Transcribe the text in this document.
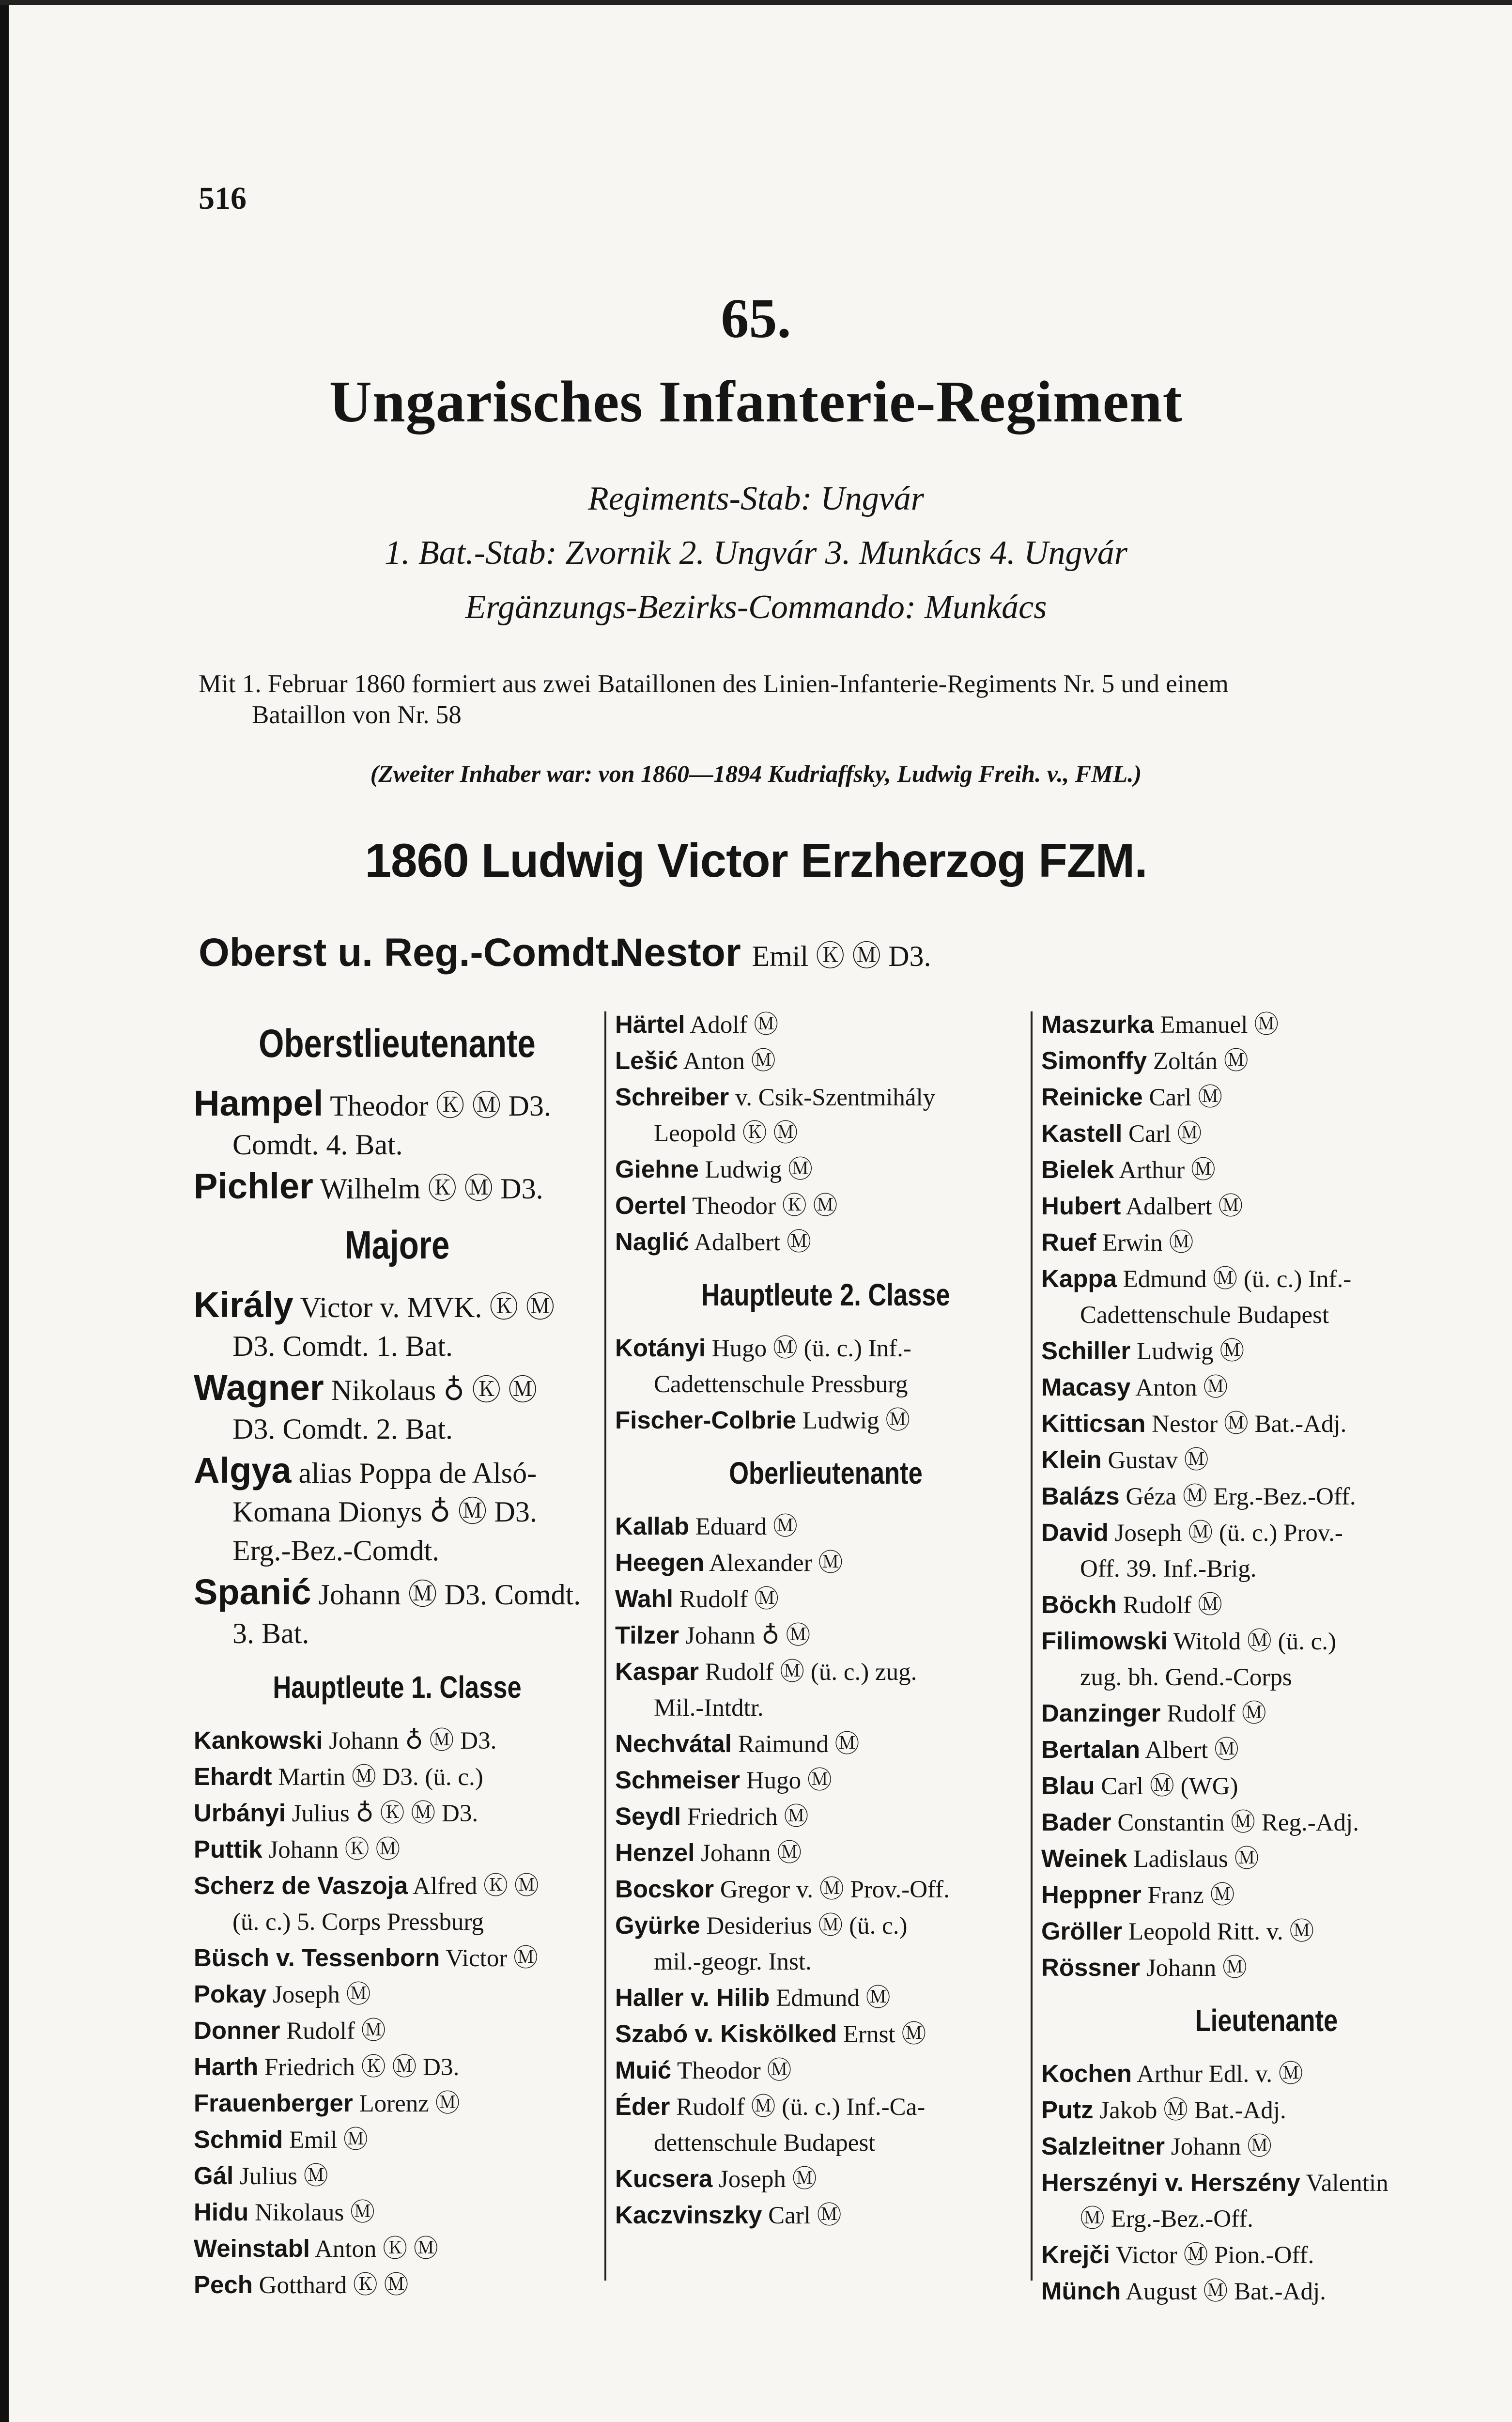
516
65.
Ungarisches Infanterie-Regiment
Regiments-Stab: Ungvár
1. Bat.-Stab: Zvornik 2. Ungvár 3. Munkács 4. Ungvár
Ergänzungs-Bezirks-Commando: Munkács
Mit 1. Februar 1860 formiert aus zwei Bataillonen des Linien-Infanterie-Regiments Nr. 5 und einem
Bataillon von Nr. 58
(Zweiter Inhaber war: von 1860—1894 Kudriaffsky, Ludwig Freih. v., FML.)
1860 Ludwig Victor Erzherzog FZM.
Oberst u. Reg.-Comdt.
Nestor Emil Ⓚ Ⓜ D3.
Oberstlieutenante
Hampel Theodor Ⓚ Ⓜ D3.
Comdt. 4. Bat.
Pichler Wilhelm Ⓚ Ⓜ D3.
Majore
Király Victor v. MVK. Ⓚ Ⓜ
D3. Comdt. 1. Bat.
Wagner Nikolaus ♁ Ⓚ Ⓜ
D3. Comdt. 2. Bat.
Algya alias Poppa de Alsó-
Komana Dionys ♁ Ⓜ D3. Erg.-Bez.-Comdt.
Spanić Johann Ⓜ D3. Comdt.
3. Bat.
Hauptleute 1. Classe
Kankowski Johann ♁ Ⓜ D3.
Ehardt Martin Ⓜ D3. (ü. c.)
Urbányi Julius ♁ Ⓚ Ⓜ D3.
Puttik Johann Ⓚ Ⓜ
Scherz de Vaszoja Alfred Ⓚ Ⓜ
(ü. c.) 5. Corps Pressburg
Büsch v. Tessenborn Victor Ⓜ
Pokay Joseph Ⓜ
Donner Rudolf Ⓜ
Harth Friedrich Ⓚ Ⓜ D3.
Frauenberger Lorenz Ⓜ
Schmid Emil Ⓜ
Gál Julius Ⓜ
Hidu Nikolaus Ⓜ
Weinstabl Anton Ⓚ Ⓜ
Pech Gotthard Ⓚ Ⓜ
Härtel Adolf Ⓜ
Lešić Anton Ⓜ
Schreiber v. Csik-Szentmihály
Leopold Ⓚ Ⓜ
Giehne Ludwig Ⓜ
Oertel Theodor Ⓚ Ⓜ
Naglić Adalbert Ⓜ
Hauptleute 2. Classe
Kotányi Hugo Ⓜ (ü. c.) Inf.-
Cadettenschule Pressburg
Fischer-Colbrie Ludwig Ⓜ
Oberlieutenante
Kallab Eduard Ⓜ
Heegen Alexander Ⓜ
Wahl Rudolf Ⓜ
Tilzer Johann ♁ Ⓜ
Kaspar Rudolf Ⓜ (ü. c.) zug.
Mil.-Intdtr.
Nechvátal Raimund Ⓜ
Schmeiser Hugo Ⓜ
Seydl Friedrich Ⓜ
Henzel Johann Ⓜ
Bocskor Gregor v. Ⓜ Prov.-Off.
Gyürke Desiderius Ⓜ (ü. c.)
mil.-geogr. Inst.
Haller v. Hilib Edmund Ⓜ
Szabó v. Kiskölked Ernst Ⓜ
Muić Theodor Ⓜ
Éder Rudolf Ⓜ (ü. c.) Inf.-Ca-
dettenschule Budapest
Kucsera Joseph Ⓜ
Kaczvinszky Carl Ⓜ
Maszurka Emanuel Ⓜ
Simonffy Zoltán Ⓜ
Reinicke Carl Ⓜ
Kastell Carl Ⓜ
Bielek Arthur Ⓜ
Hubert Adalbert Ⓜ
Ruef Erwin Ⓜ
Kappa Edmund Ⓜ (ü. c.) Inf.-
Cadettenschule Budapest
Schiller Ludwig Ⓜ
Macasy Anton Ⓜ
Kitticsan Nestor Ⓜ Bat.-Adj.
Klein Gustav Ⓜ
Balázs Géza Ⓜ Erg.-Bez.-Off.
David Joseph Ⓜ (ü. c.) Prov.-
Off. 39. Inf.-Brig.
Böckh Rudolf Ⓜ
Filimowski Witold Ⓜ (ü. c.)
zug. bh. Gend.-Corps
Danzinger Rudolf Ⓜ
Bertalan Albert Ⓜ
Blau Carl Ⓜ (WG)
Bader Constantin Ⓜ Reg.-Adj.
Weinek Ladislaus Ⓜ
Heppner Franz Ⓜ
Gröller Leopold Ritt. v. Ⓜ
Rössner Johann Ⓜ
Lieutenante
Kochen Arthur Edl. v. Ⓜ
Putz Jakob Ⓜ Bat.-Adj.
Salzleitner Johann Ⓜ
Herszényi v. Herszény Valentin
Ⓜ Erg.-Bez.-Off.
Krejči Victor Ⓜ Pion.-Off.
Münch August Ⓜ Bat.-Adj.
